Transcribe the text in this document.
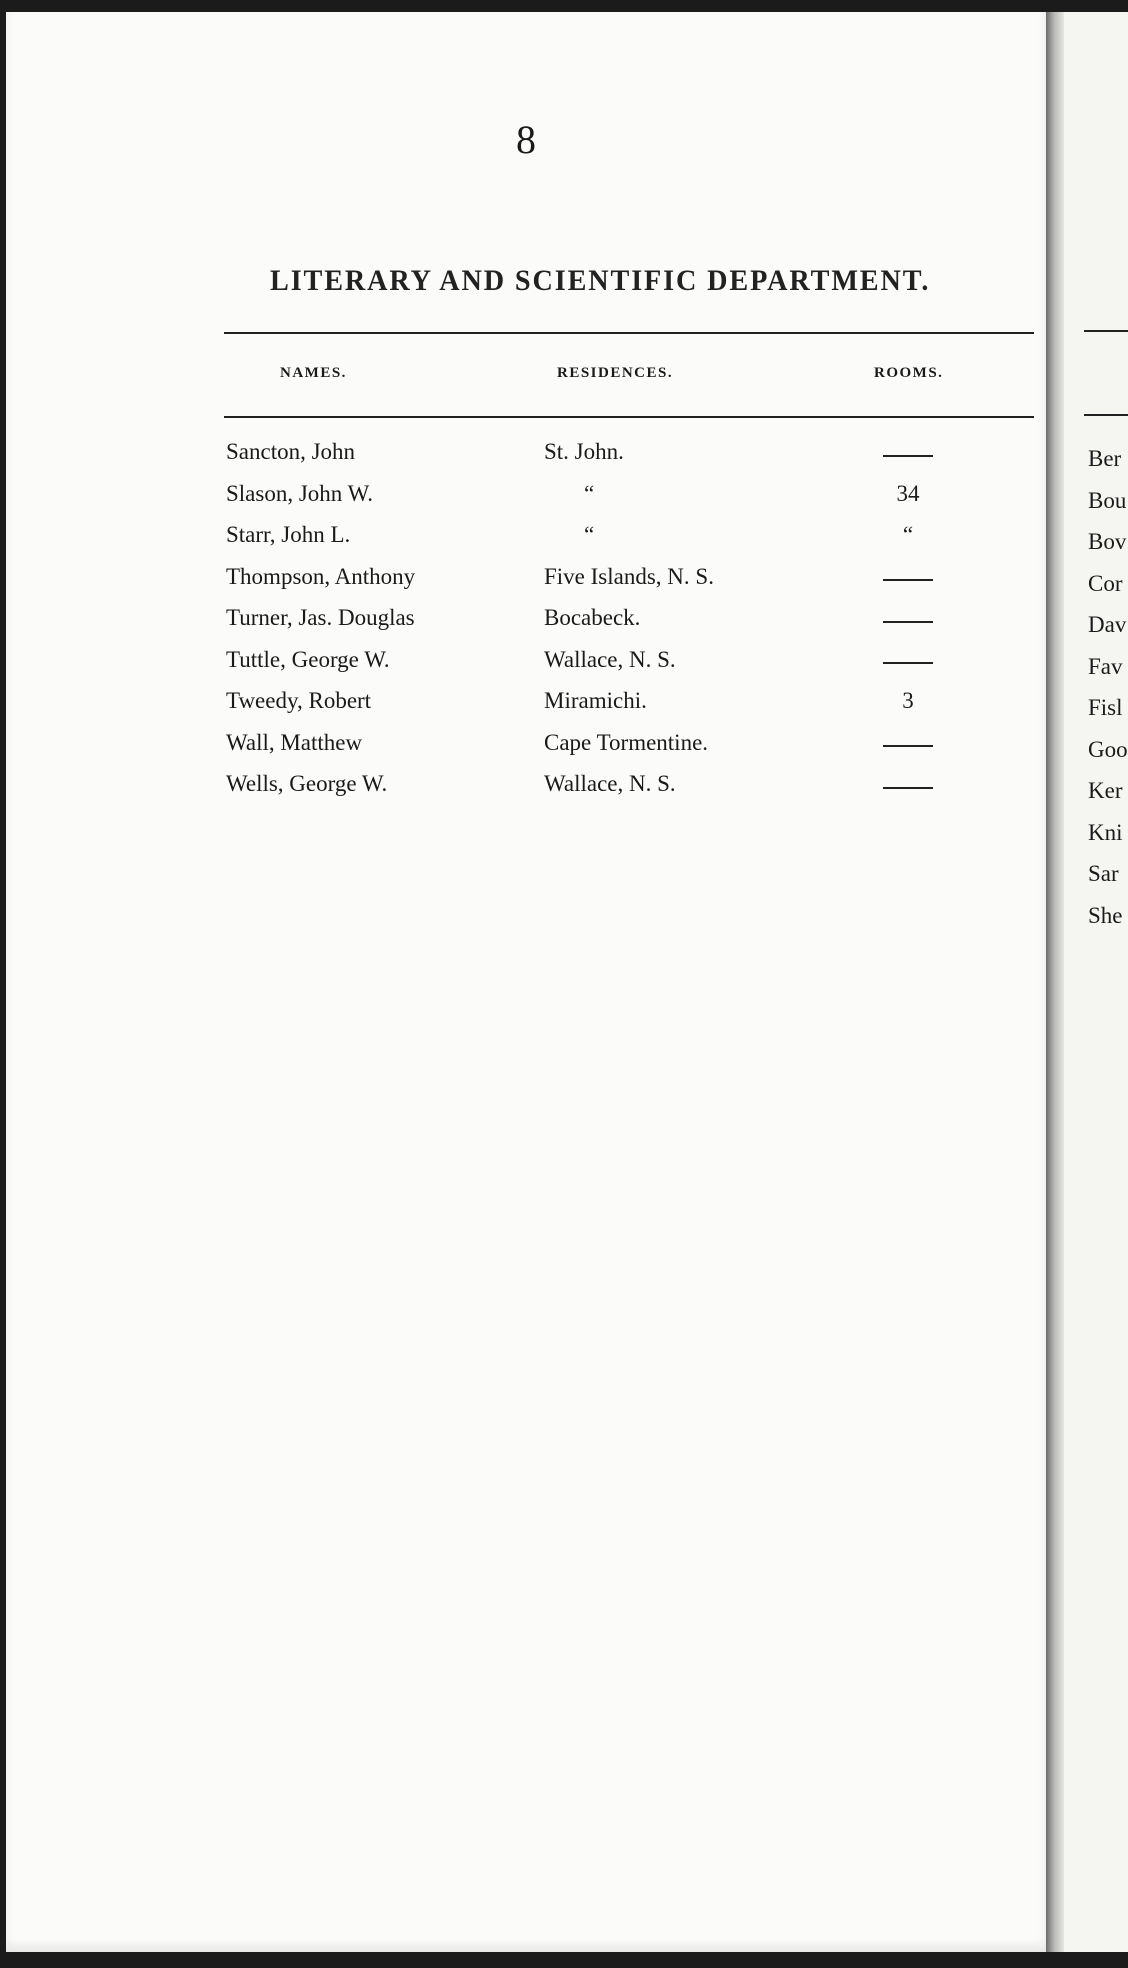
8
LITERARY AND SCIENTIFIC DEPARTMENT.
NAMES.	RESIDENCES.	ROOMS.
Sancton, John	St. John.
Slason, John W.	“	34
Starr, John L.	“	“
Thompson, Anthony	Five Islands, N. S.
Turner, Jas. Douglas	Bocabeck.
Tuttle, George W.	Wallace, N. S.
Tweedy, Robert	Miramichi.	3
Wall, Matthew	Cape Tormentine.
Wells, George W.	Wallace, N. S.
Ber
Bou
Bov
Cor
Dav
Fav
Fisl
Goo
Ker
Kni
Sar
She
